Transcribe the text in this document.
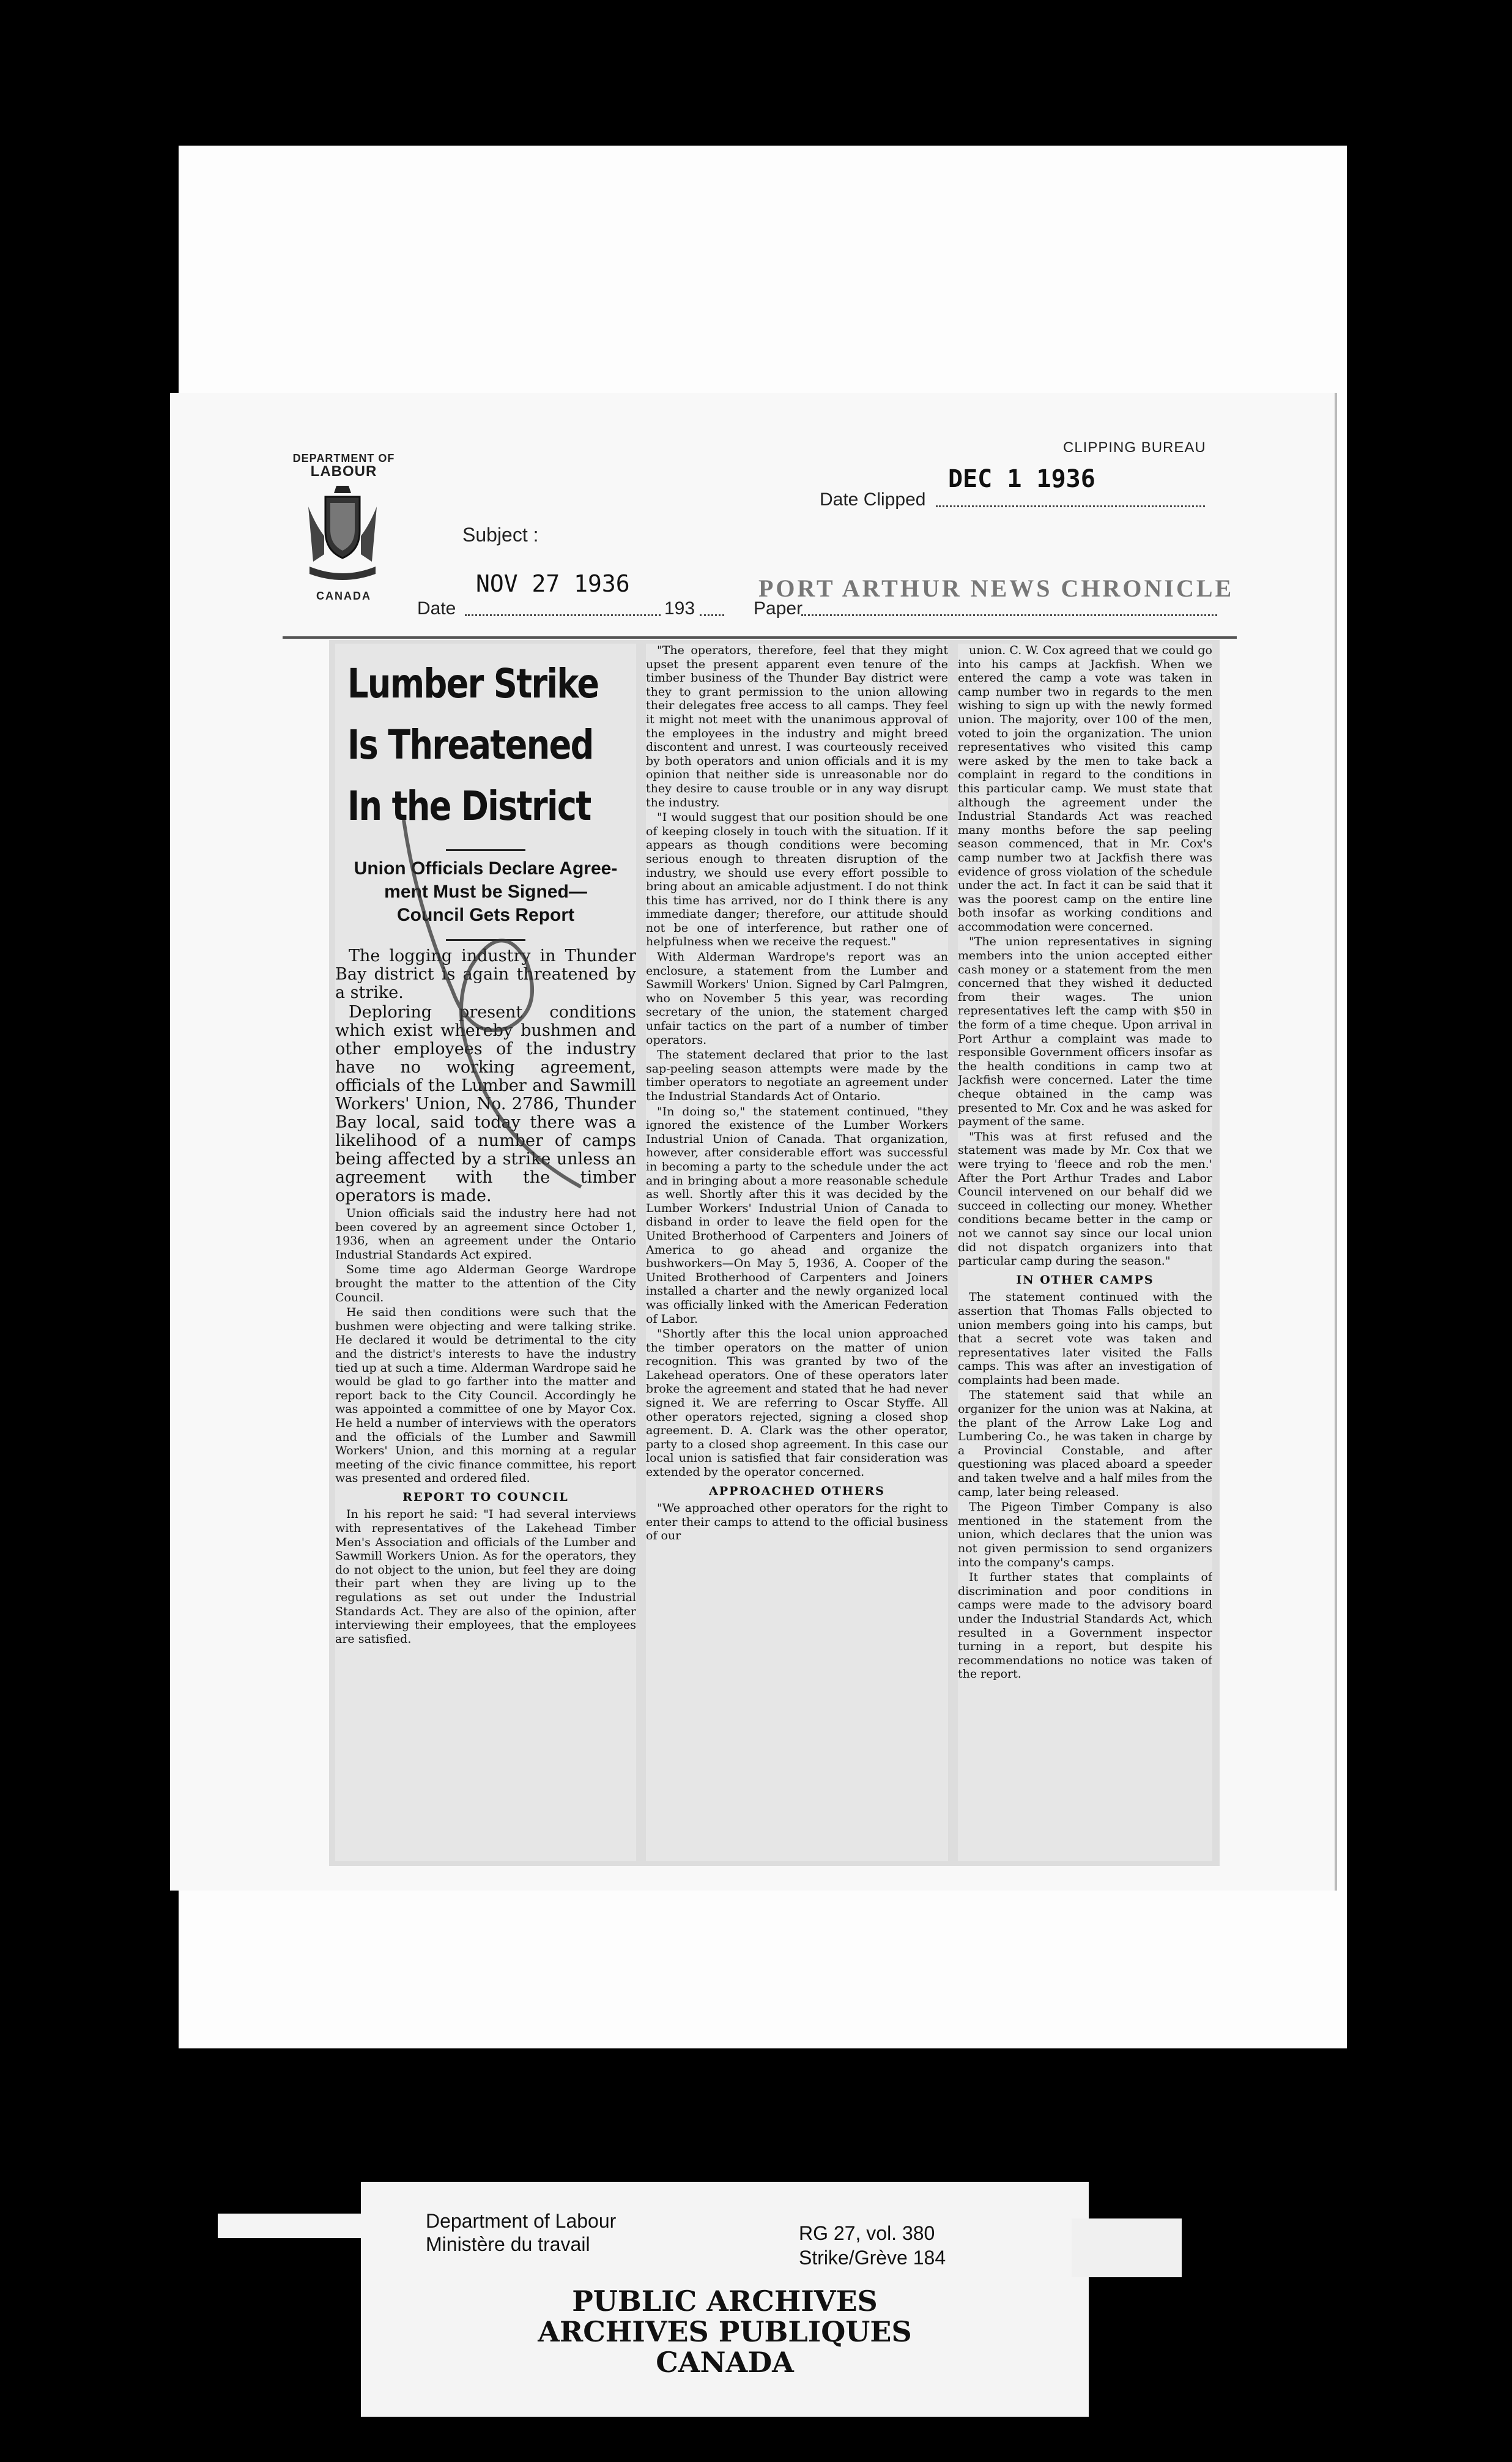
DEPARTMENT OF
LABOUR
CANADA
CLIPPING BUREAU
DEC 1 1936
Date Clipped
Subject :
NOV 27 1936
Date	193
PORT ARTHUR NEWS CHRONICLE
Paper
Lumber Strike
Is Threatened
In the District
Union Officials Declare Agree-
ment Must be Signed—
Council Gets Report

The logging industry in Thunder Bay district is again threatened by a strike.

Deploring present conditions which exist whereby bushmen and other employees of the industry have no working agreement, officials of the Lumber and Sawmill Workers' Union, No. 2786, Thunder Bay local, said today there was a likelihood of a number of camps being affected by a strike unless an agreement with the timber operators is made.

Union officials said the industry here had not been covered by an agreement since October 1, 1936, when an agreement under the Ontario Industrial Standards Act expired.

Some time ago Alderman George Wardrope brought the matter to the attention of the City Council.

He said then conditions were such that the bushmen were objecting and were talking strike. He declared it would be detrimental to the city and the district's interests to have the industry tied up at such a time. Alderman Wardrope said he would be glad to go farther into the matter and report back to the City Council. Accordingly he was appointed a committee of one by Mayor Cox. He held a number of interviews with the operators and the officials of the Lumber and Sawmill Workers' Union, and this morning at a regular meeting of the civic finance committee, his report was presented and ordered filed.

REPORT TO COUNCIL

In his report he said: "I had several interviews with representatives of the Lakehead Timber Men's Association and officials of the Lumber and Sawmill Workers Union. As for the operators, they do not object to the union, but feel they are doing their part when they are living up to the regulations as set out under the Industrial Standards Act. They are also of the opinion, after interviewing their employees, that the employees are satisfied.

"The operators, therefore, feel that they might upset the present apparent even tenure of the timber business of the Thunder Bay district were they to grant permission to the union allowing their delegates free access to all camps. They feel it might not meet with the unanimous approval of the employees in the industry and might breed discontent and unrest. I was courteously received by both operators and union officials and it is my opinion that neither side is unreasonable nor do they desire to cause trouble or in any way disrupt the industry.

"I would suggest that our position should be one of keeping closely in touch with the situation. If it appears as though conditions were becoming serious enough to threaten disruption of the industry, we should use every effort possible to bring about an amicable adjustment. I do not think this time has arrived, nor do I think there is any immediate danger; therefore, our attitude should not be one of interference, but rather one of helpfulness when we receive the request."

With Alderman Wardrope's report was an enclosure, a statement from the Lumber and Sawmill Workers' Union. Signed by Carl Palmgren, who on November 5 this year, was recording secretary of the union, the statement charged unfair tactics on the part of a number of timber operators.

The statement declared that prior to the last sap-peeling season attempts were made by the timber operators to negotiate an agreement under the Industrial Standards Act of Ontario.

"In doing so," the statement continued, "they ignored the existence of the Lumber Workers Industrial Union of Canada. That organization, however, after considerable effort was successful in becoming a party to the schedule under the act and in bringing about a more reasonable schedule as well. Shortly after this it was decided by the Lumber Workers' Industrial Union of Canada to disband in order to leave the field open for the United Brotherhood of Carpenters and Joiners of America to go ahead and organize the bushworkers—On May 5, 1936, A. Cooper of the United Brotherhood of Carpenters and Joiners installed a charter and the newly organized local was officially linked with the American Federation of Labor.

"Shortly after this the local union approached the timber operators on the matter of union recognition. This was granted by two of the Lakehead operators. One of these operators later broke the agreement and stated that he had never signed it. We are referring to Oscar Styffe. All other operators rejected, signing a closed shop agreement. D. A. Clark was the other operator, party to a closed shop agreement. In this case our local union is satisfied that fair consideration was extended by the operator concerned.

APPROACHED OTHERS

"We approached other operators for the right to enter their camps to attend to the official business of our

union. C. W. Cox agreed that we could go into his camps at Jackfish. When we entered the camp a vote was taken in camp number two in regards to the men wishing to sign up with the newly formed union. The majority, over 100 of the men, voted to join the organization. The union representatives who visited this camp were asked by the men to take back a complaint in regard to the conditions in this particular camp. We must state that although the agreement under the Industrial Standards Act was reached many months before the sap peeling season commenced, that in Mr. Cox's camp number two at Jackfish there was evidence of gross violation of the schedule under the act. In fact it can be said that it was the poorest camp on the entire line both insofar as working conditions and accommodation were concerned.

"The union representatives in signing members into the union accepted either cash money or a statement from the men concerned that they wished it deducted from their wages. The union representatives left the camp with $50 in the form of a time cheque. Upon arrival in Port Arthur a complaint was made to responsible Government officers insofar as the health conditions in camp two at Jackfish were concerned. Later the time cheque obtained in the camp was presented to Mr. Cox and he was asked for payment of the same.

"This was at first refused and the statement was made by Mr. Cox that we were trying to 'fleece and rob the men.' After the Port Arthur Trades and Labor Council intervened on our behalf did we succeed in collecting our money. Whether conditions became better in the camp or not we cannot say since our local union did not dispatch organizers into that particular camp during the season."

IN OTHER CAMPS

The statement continued with the assertion that Thomas Falls objected to union members going into his camps, but that a secret vote was taken and representatives later visited the Falls camps. This was after an investigation of complaints had been made.

The statement said that while an organizer for the union was at Nakina, at the plant of the Arrow Lake Log and Lumbering Co., he was taken in charge by a Provincial Constable, and after questioning was placed aboard a speeder and taken twelve and a half miles from the camp, later being released.

The Pigeon Timber Company is also mentioned in the statement from the union, which declares that the union was not given permission to send organizers into the company's camps.

It further states that complaints of discrimination and poor conditions in camps were made to the advisory board under the Industrial Standards Act, which resulted in a Government inspector turning in a report, but despite his recommendations no notice was taken of the report.

Department of Labour
Ministère du travail	RG 27, vol. 380
Strike/Grève 184
PUBLIC ARCHIVES
ARCHIVES PUBLIQUES
CANADA
